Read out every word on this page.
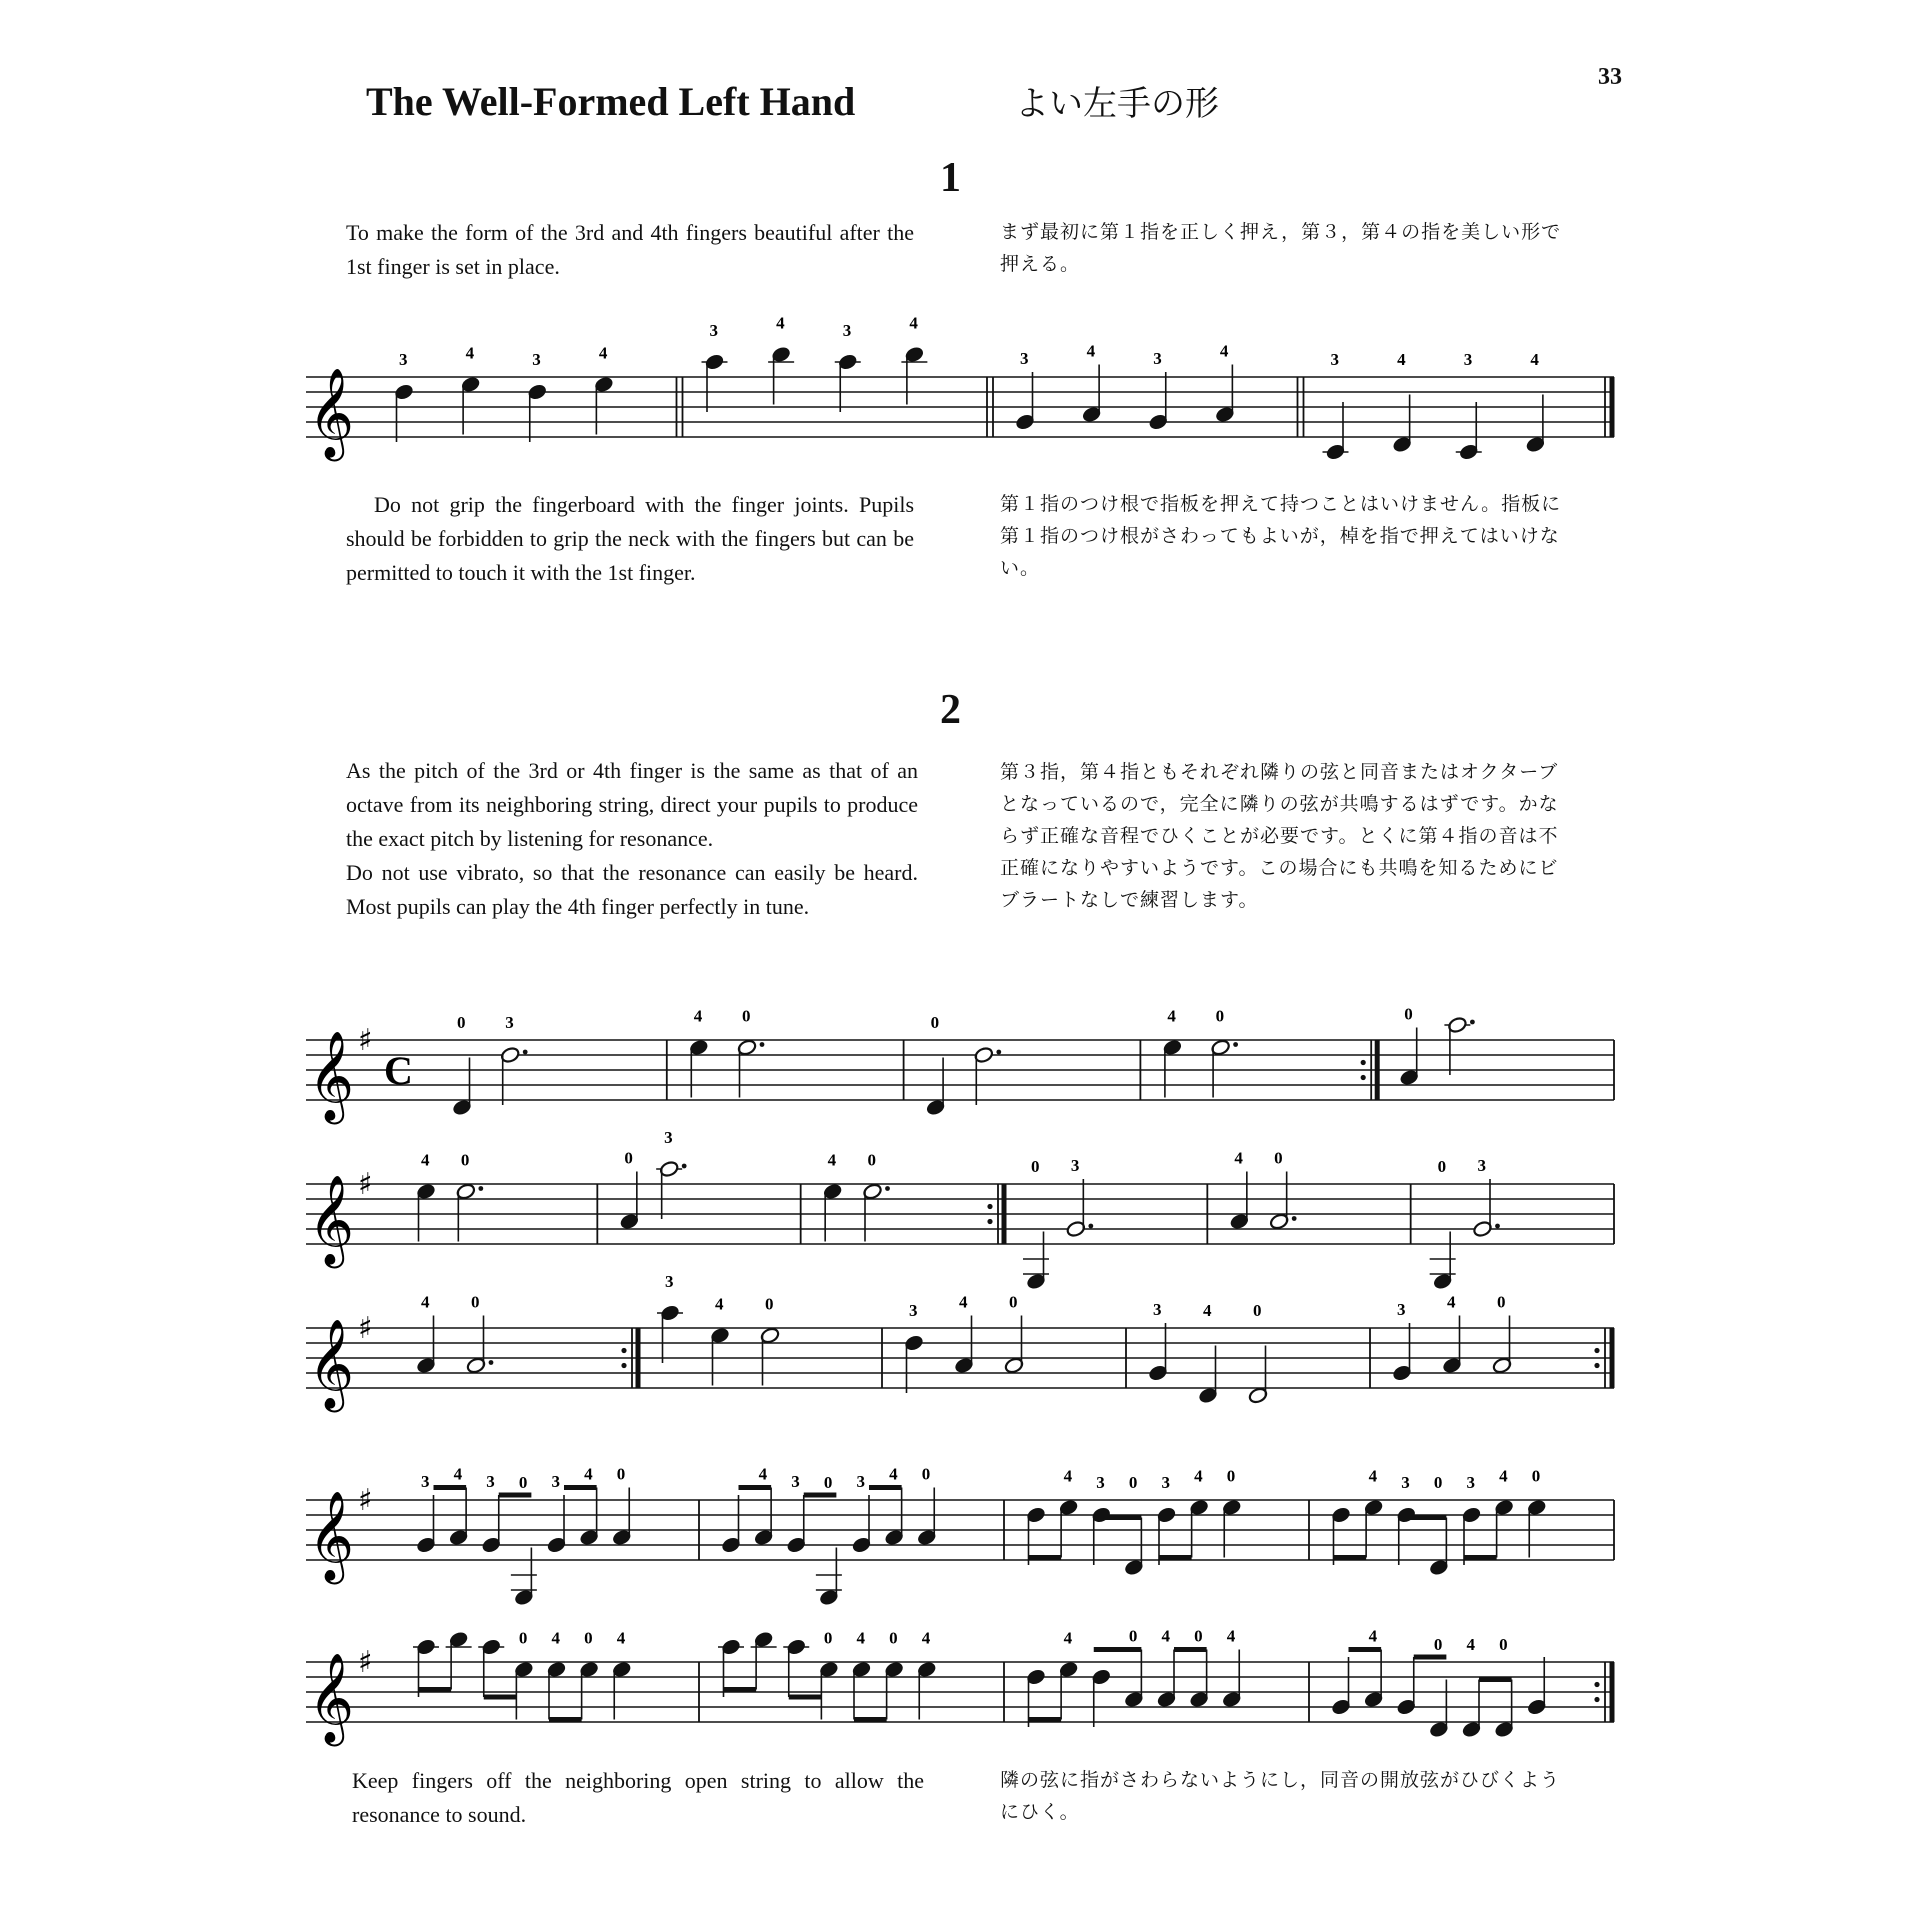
The Well-Formed Left Hand	よい左手の形
33
1

To make the form of the 3rd and 4th fingers beautiful after the 1st finger is set in place.

まず最初に第１指を正しく押え，第３，第４の指を美しい形で押える。

Do not grip the fingerboard with the finger joints. Pupils should be forbidden to grip the neck with the fingers but can be permitted to touch it with the 1st finger.

第１指のつけ根で指板を押えて持つことはいけません。指板に第１指のつけ根がさわってもよいが，棹を指で押えてはいけない。
2

As the pitch of the 3rd or 4th finger is the same as that of an octave from its neighboring string, direct your pupils to produce the exact pitch by listening for resonance.

Do not use vibrato, so that the resonance can easily be heard. Most pupils can play the 4th finger perfectly in tune.

第３指，第４指ともそれぞれ隣りの弦と同音またはオクターブとなっているので，完全に隣りの弦が共鳴するはずです。かならず正確な音程でひくことが必要です。とくに第４指の音は不正確になりやすいようです。この場合にも共鳴を知るためにビブラートなしで練習します。

Keep fingers off the neighboring open string to allow the resonance to sound.

隣の弦に指がさわらないようにし，同音の開放弦がひびくようにひく。
𝄞
3	4	3	4
3	4	3	4
3	4	3	4	3	4	3	4
𝄞 ♯
C
0 3	4 0	0	4 0	0
𝄞 ♯
4 0	0
3
4 0	0 3	4 0	0 3
𝄞 ♯
4 0
3
4 0	3 4 0	3 4 0	3 4 0
𝄞 ♯
3 4 3 0 3 4 0	4 3 0 3 4 0	4 3 0 3 4 0	4 3 0 3 4 0
𝄞 ♯
0 4 0 4	0 4 0 4	4	0 4 0 4	4	0 4 0
